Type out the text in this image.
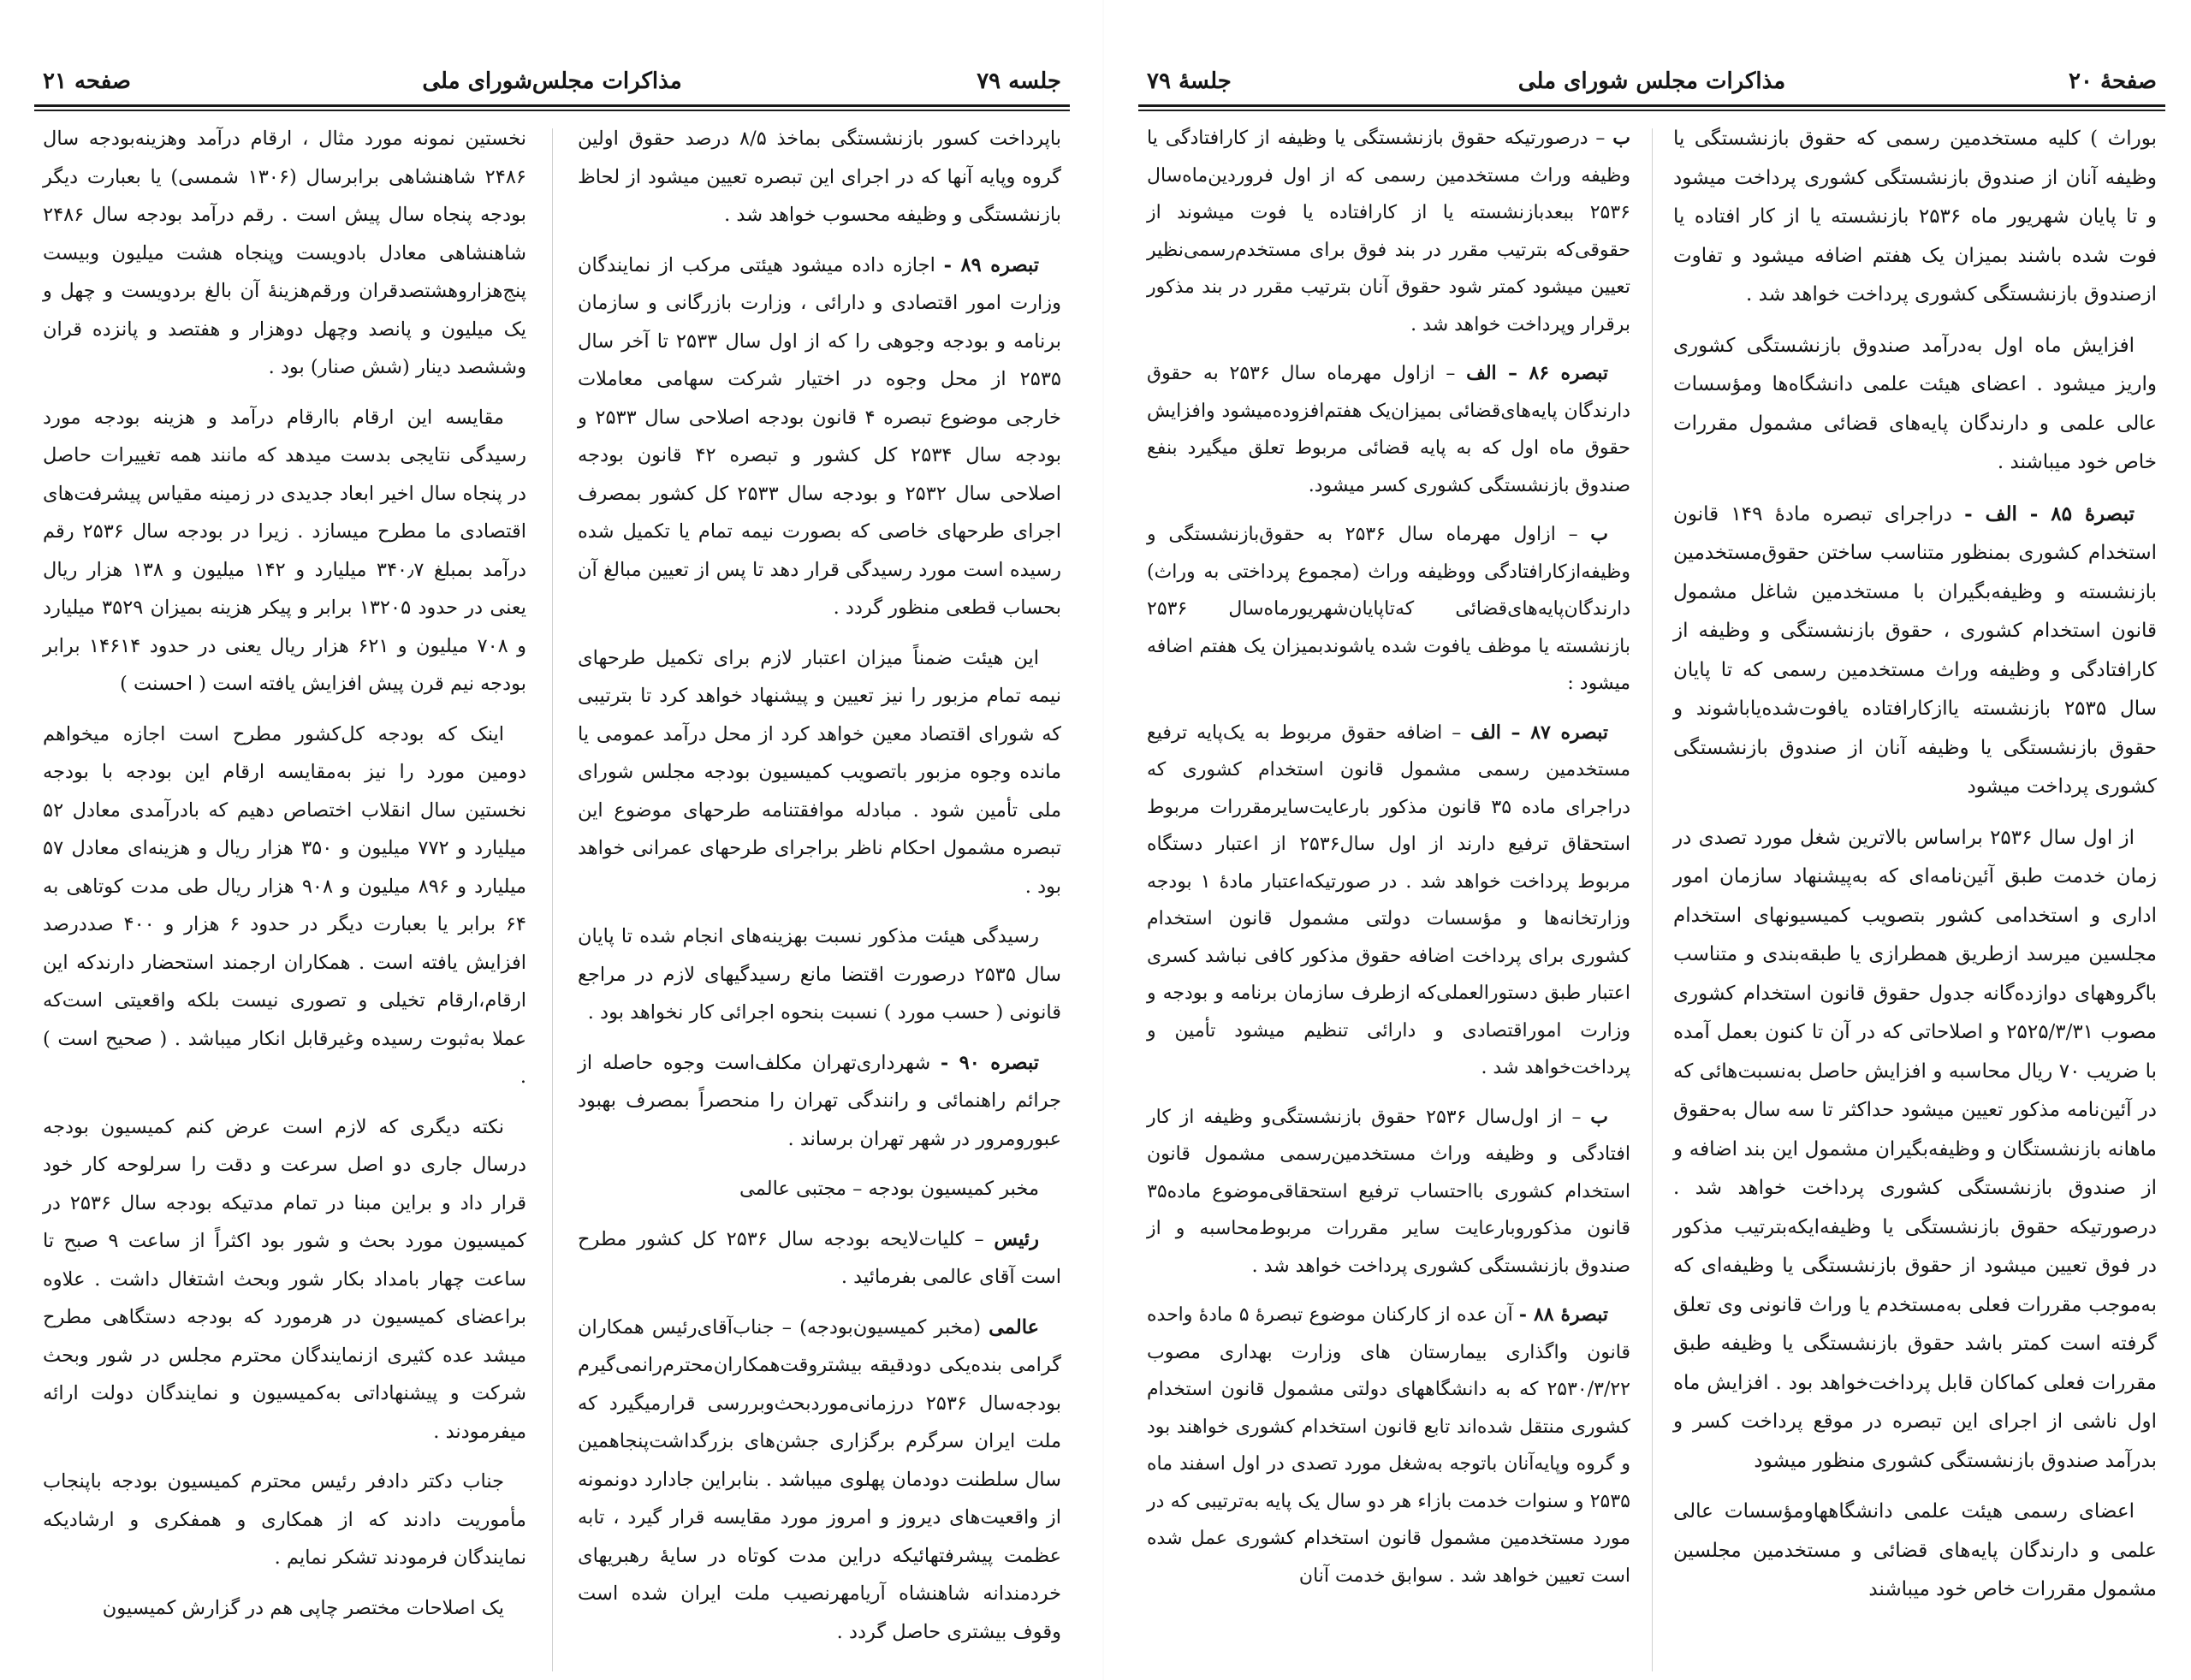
جلسه ۷۹
مذاکرات مجلس‌شورای ملی
صفحه ۲۱

باپرداخت کسور بازنشستگی بماخذ ۸/۵ درصد حقوق اولین گروه وپایه آنها که در اجرای این تبصره تعیین میشود از لحاظ بازنشستگی و وظیفه محسوب خواهد شد .

تبصره ۸۹ - اجازه داده میشود هیئتی مرکب از نمایندگان وزارت امور اقتصادی و دارائی ، وزارت بازرگانی و سازمان برنامه و بودجه وجوهی را که از اول سال ۲۵۳۳ تا آخر سال ۲۵۳۵ از محل وجوه در اختیار شرکت سهامی معاملات خارجی موضوع تبصره ۴ قانون بودجه اصلاحی سال ۲۵۳۳ و بودجه سال ۲۵۳۴ کل کشور و تبصره ۴۲ قانون بودجه اصلاحی سال ۲۵۳۲ و بودجه سال ۲۵۳۳ کل کشور بمصرف اجرای طرحهای خاصی که بصورت نیمه تمام یا تکمیل شده رسیده است مورد رسیدگی قرار دهد تا پس از تعیین مبالغ آن بحساب قطعی منظور گردد .

این هیئت ضمناً میزان اعتبار لازم برای تکمیل طرحهای نیمه تمام مزبور را نیز تعیین و پیشنهاد خواهد کرد تا بترتیبی که شورای اقتصاد معین خواهد کرد از محل درآمد عمومی یا مانده وجوه مزبور باتصویب کمیسیون بودجه مجلس شورای ملی تأمین شود . مبادله موافقتنامه طرحهای موضوع این تبصره مشمول احکام ناظر براجرای طرحهای عمرانی خواهد بود .

رسیدگی هیئت مذکور نسبت بهزینه‌های انجام شده تا پایان سال ۲۵۳۵ درصورت اقتضا مانع رسیدگیهای لازم در مراجع قانونی ( حسب مورد ) نسبت بنحوه اجرائی کار نخواهد بود .

تبصره ۹۰ - شهرداری‌تهران مکلف‌است وجوه حاصله از جرائم راهنمائی و رانندگی تهران را منحصراً بمصرف بهبود عبورومرور در شهر تهران برساند .

مخبر کمیسیون بودجه – مجتبی عالمی

رئیس – کلیات‌لایحه بودجه سال ۲۵۳۶ کل کشور مطرح است آقای عالمی بفرمائید .

عالمی (مخبر کمیسیون‌بودجه) – جناب‌آقای‌رئیس همکاران گرامی بنده‌یکی دودقیقه بیشتروقت‌همکاران‌محترم‌رانمی‌گیرم بودجه‌سال ۲۵۳۶ درزمانی‌مورد‌بحث‌وبررسی قرارمیگیرد که ملت ایران سرگرم برگزاری جشن‌های بزرگداشت‌پنجاهمین سال سلطنت دودمان پهلوی میباشد . بنابراین جادارد دونمونه از واقعیت‌های دیروز و امروز مورد مقایسه قرار گیرد ، تابه عظمت پیشرفتهائیکه دراین مدت کوتاه در سایهٔ رهبریهای خردمندانه شاهنشاه آریامهرنصیب ملت ایران شده است وقوف بیشتری حاصل گردد .

نخستین نمونه مورد مثال ، ارقام درآمد وهزینه‌بودجه سال ۲۴۸۶ شاهنشاهی برابرسال (۱۳۰۶ شمسی) یا بعبارت دیگر بودجه پنجاه سال پیش است . رقم درآمد بودجه سال ۲۴۸۶ شاهنشاهی معادل بادویست وپنجاه هشت میلیون وبیست پنج‌هزاروهشتصدقران ورقم‌هزینهٔ آن بالغ بردویست و چهل و یک میلیون و پانصد وچهل دوهزار و هفتصد و پانزده قران وششصد دینار (شش صنار) بود .

مقایسه این ارقام باارقام درآمد و هزینه بودجه مورد رسیدگی نتایجی بدست میدهد که مانند همه تغییرات حاصل در پنجاه سال اخیر ابعاد جدیدی در زمینه مقیاس پیشرفت‌های اقتصادی ما مطرح میسازد . زیرا در بودجه سال ۲۵۳۶ رقم درآمد بمبلغ ۳۴۰٫۷ میلیارد و ۱۴۲ میلیون و ۱۳۸ هزار ریال یعنی در حدود ۱۳۲۰۵ برابر و پیکر هزینه بمیزان ۳۵۲۹ میلیارد و ۷۰۸ میلیون و ۶۲۱ هزار ریال یعنی در حدود ۱۴۶۱۴ برابر بودجه نیم قرن پیش افزایش یافته است ( احسنت )

اینک که بودجه کل‌کشور مطرح است اجازه میخواهم دومین مورد را نیز به‌مقایسه ارقام این بودجه با بودجه نخستین سال انقلاب اختصاص دهیم که بادرآمدی معادل ۵۲ میلیارد و ۷۷۲ میلیون و ۳۵۰ هزار ریال و هزینه‌ای معادل ۵۷ میلیارد و ۸۹۶ میلیون و ۹۰۸ هزار ریال طی مدت کوتاهی به ۶۴ برابر یا بعبارت دیگر در حدود ۶ هزار و ۴۰۰ صددرصد افزایش یافته است . همکاران ارجمند استحضار دارندکه این ارقام،ارقام تخیلی و تصوری نیست بلکه واقعیتی است‌که عملا به‌ثبوت رسیده وغیرقابل انکار میباشد . ( صحیح است ) .

نکته دیگری که لازم است عرض کنم کمیسیون بودجه درسال جاری دو اصل سرعت و دقت را سرلوحه کار خود قرار داد و براین مبنا در تمام مدتیکه بودجه سال ۲۵۳۶ در کمیسیون مورد بحث و شور بود اکثراً از ساعت ۹ صبح تا ساعت چهار بامداد بکار شور وبحث اشتغال داشت . علاوه براعضای کمیسیون در هرمورد که بودجه دستگاهی مطرح میشد عده کثیری ازنمایندگان محترم مجلس در شور وبحث شرکت و پیشنهاداتی به‌کمیسیون و نمایندگان دولت ارائه میفرمودند .

جناب دکتر دادفر رئیس محترم کمیسیون بودجه باپنجاب مأموریت دادند که از همکاری و همفکری و ارشادیکه نمایندگان فرمودند تشکر نمایم .

یک اصلاحات مختصر چاپی هم در گزارش کمیسیون

صفحهٔ ۲۰
مذاکرات مجلس شورای ملی
جلسهٔ ۷۹

بوراث ) کلیه مستخدمین رسمی که حقوق بازنشستگی یا وظیفه آنان از صندوق بازنشستگی کشوری پرداخت میشود و تا پایان شهریور ماه ۲۵۳۶ بازنشسته یا از کار افتاده یا فوت شده باشند بمیزان یک هفتم اضافه میشود و تفاوت ازصندوق بازنشستگی کشوری پرداخت خواهد شد .

افزایش ماه اول به‌درآمد صندوق بازنشستگی کشوری واریز میشود . اعضای هیئت علمی دانشگاه‌ها ومؤسسات عالی علمی و دارندگان پایه‌های قضائی مشمول مقررات خاص خود میباشند .

تبصرهٔ ۸۵ - الف - دراجرای تبصره مادهٔ ۱۴۹ قانون استخدام کشوری بمنظور متناسب ساختن حقوق‌مستخدمین بازنشسته و وظیفه‌بگیران با مستخدمین شاغل مشمول قانون استخدام کشوری ، حقوق بازنشستگی و وظیفه از کارافتادگی و وظیفه وراث مستخدمین رسمی که تا پایان سال ۲۵۳۵ بازنشسته یاازکارافتاده یافوت‌شده‌یاباشوند و حقوق بازنشستگی یا وظیفه آنان از صندوق بازنشستگی کشوری پرداخت میشود

از اول سال ۲۵۳۶ براساس بالاترین شغل مورد تصدی در زمان خدمت طبق آئین‌نامه‌ای که به‌پیشنهاد سازمان امور اداری و استخدامی کشور بتصویب کمیسیونهای استخدام مجلسین میرسد ازطریق همطرازی یا طبقه‌بندی و متناسب باگروههای دوازده‌گانه جدول حقوق قانون استخدام کشوری مصوب ۲۵۲۵/۳/۳۱ و اصلاحاتی که در آن تا کنون بعمل آمده با ضریب ۷۰ ریال محاسبه و افزایش حاصل به‌نسبت‌هائی که در آئین‌نامه مذکور تعیین میشود حداکثر تا سه سال به‌حقوق ماهانه بازنشستگان و وظیفه‌بگیران مشمول این بند اضافه و از صندوق بازنشستگی کشوری پرداخت خواهد شد . درصورتیکه حقوق بازنشستگی یا وظیفه‌ایکه‌بترتیب مذکور در فوق تعیین میشود از حقوق بازنشستگی یا وظیفه‌ای که به‌موجب مقررات فعلی به‌مستخدم یا وراث قانونی وی تعلق گرفته است کمتر باشد حقوق بازنشستگی یا وظیفه طبق مقررات فعلی کماکان قابل پرداخت‌خواهد بود . افزایش ماه اول ناشی از اجرای این تبصره در موقع پرداخت کسر و بدرآمد صندوق بازنشستگی کشوری منظور میشود

اعضای رسمی هیئت علمی دانشگاهها‌ومؤسسات عالی علمی و دارندگان پایه‌های قضائی و مستخدمین مجلسین مشمول مقررات خاص خود میباشند

ب – درصورتیکه حقوق بازنشستگی یا وظیفه از کارافتادگی یا وظیفه وراث مستخدمین رسمی که از اول فروردین‌ماه‌سال ۲۵۳۶ ببعدبازنشسته یا از کارافتاده یا فوت میشوند از حقوقی‌که بترتیب مقرر در بند فوق برای مستخدم‌رسمی‌نظیر تعیین میشود کمتر شود حقوق آنان بترتیب مقرر در بند مذکور برقرار وپرداخت خواهد شد .

تبصره ۸۶ – الف – ازاول مهرماه سال ۲۵۳۶ به حقوق دارندگان پایه‌های‌قضائی بمیزان‌یک هفتم‌افزوده‌میشود وافزایش حقوق ماه اول که به پایه قضائی مربوط تعلق میگیرد بنفع صندوق بازنشستگی کشوری کسر میشود.

ب – ازاول مهرماه سال ۲۵۳۶ به حقوق‌بازنشستگی و وظیفه‌ازکارافتادگی ووظیفه وراث (مجموع پرداختی به وراث) دارندگان‌پایه‌های‌قضائی که‌تاپایان‌شهریورماه‌سال ۲۵۳۶ بازنشسته یا موظف یافوت شده یاشوندبمیزان یک هفتم اضافه میشود :

تبصره ۸۷ – الف – اضافه حقوق مربوط به یک‌پایه ترفیع مستخدمین رسمی مشمول قانون استخدام کشوری که دراجرای ماده ۳۵ قانون مذکور بارعایت‌سایرمقررات مربوط استحقاق ترفیع دارند از اول سال‌۲۵۳۶ از اعتبار دستگاه مربوط پرداخت خواهد شد . در صورتیکه‌اعتبار مادهٔ ۱ بودجه وزارتخانه‌ها و مؤسسات دولتی مشمول قانون استخدام کشوری برای پرداخت اضافه حقوق مذکور کافی نباشد کسری اعتبار طبق دستورالعملی‌که ازطرف سازمان برنامه و بودجه و وزارت اموراقتصادی و دارائی تنظیم میشود تأمین و پرداخت‌خواهد شد .

ب – از اول‌سال ۲۵۳۶ حقوق بازنشستگی‌و وظیفه از کار افتادگی و وظیفه وراث مستخدمین‌رسمی مشمول قانون استخدام کشوری بااحتساب ترفیع استحقاقی‌موضوع ماده‌۳۵ قانون مذکورو‌بارعایت سایر مقررات مربوط‌محاسبه و از صندوق بازنشستگی کشوری پرداخت خواهد شد .

تبصرهٔ ۸۸ - آن عده از کارکنان موضوع تبصرهٔ ۵ مادهٔ واحده قانون واگذاری بیمارستان های وزارت بهداری مصوب ۲۵۳۰/۳/۲۲ که به دانشگاههای دولتی مشمول قانون استخدام کشوری منتقل شده‌اند تابع قانون استخدام کشوری خواهند بود و گروه وپایه‌آنان باتوجه به‌شغل مورد تصدی در اول اسفند ماه ۲۵۳۵ و سنوات خدمت بازاء هر دو سال یک پایه به‌ترتیبی که در مورد مستخدمین مشمول قانون استخدام کشوری عمل شده است تعیین خواهد شد . سوابق خدمت آنان
